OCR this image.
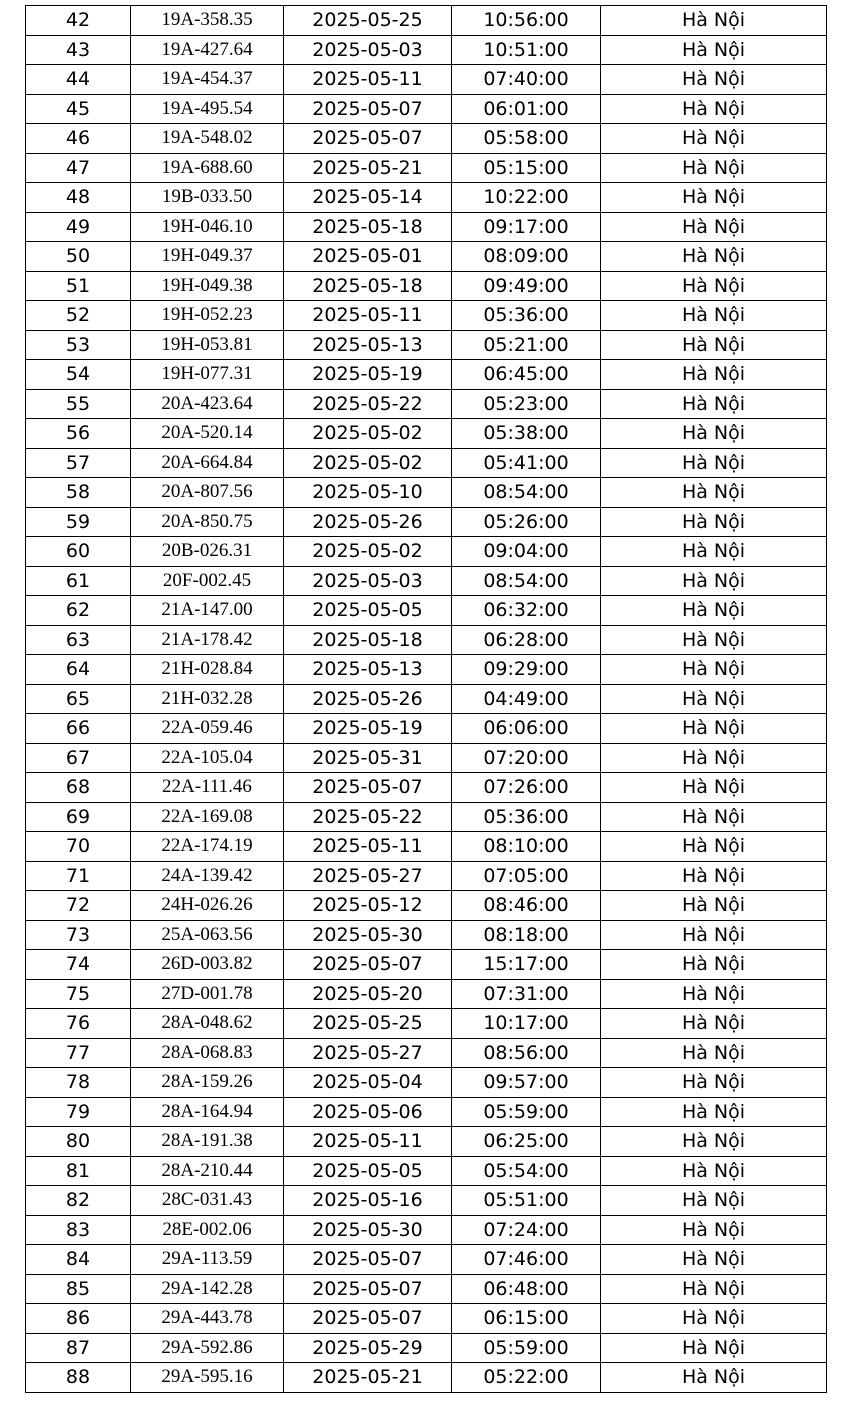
42	19A-358.35	2025-05-25	10:56:00	Hà Nội
43	19A-427.64	2025-05-03	10:51:00	Hà Nội
44	19A-454.37	2025-05-11	07:40:00	Hà Nội
45	19A-495.54	2025-05-07	06:01:00	Hà Nội
46	19A-548.02	2025-05-07	05:58:00	Hà Nội
47	19A-688.60	2025-05-21	05:15:00	Hà Nội
48	19B-033.50	2025-05-14	10:22:00	Hà Nội
49	19H-046.10	2025-05-18	09:17:00	Hà Nội
50	19H-049.37	2025-05-01	08:09:00	Hà Nội
51	19H-049.38	2025-05-18	09:49:00	Hà Nội
52	19H-052.23	2025-05-11	05:36:00	Hà Nội
53	19H-053.81	2025-05-13	05:21:00	Hà Nội
54	19H-077.31	2025-05-19	06:45:00	Hà Nội
55	20A-423.64	2025-05-22	05:23:00	Hà Nội
56	20A-520.14	2025-05-02	05:38:00	Hà Nội
57	20A-664.84	2025-05-02	05:41:00	Hà Nội
58	20A-807.56	2025-05-10	08:54:00	Hà Nội
59	20A-850.75	2025-05-26	05:26:00	Hà Nội
60	20B-026.31	2025-05-02	09:04:00	Hà Nội
61	20F-002.45	2025-05-03	08:54:00	Hà Nội
62	21A-147.00	2025-05-05	06:32:00	Hà Nội
63	21A-178.42	2025-05-18	06:28:00	Hà Nội
64	21H-028.84	2025-05-13	09:29:00	Hà Nội
65	21H-032.28	2025-05-26	04:49:00	Hà Nội
66	22A-059.46	2025-05-19	06:06:00	Hà Nội
67	22A-105.04	2025-05-31	07:20:00	Hà Nội
68	22A-111.46	2025-05-07	07:26:00	Hà Nội
69	22A-169.08	2025-05-22	05:36:00	Hà Nội
70	22A-174.19	2025-05-11	08:10:00	Hà Nội
71	24A-139.42	2025-05-27	07:05:00	Hà Nội
72	24H-026.26	2025-05-12	08:46:00	Hà Nội
73	25A-063.56	2025-05-30	08:18:00	Hà Nội
74	26D-003.82	2025-05-07	15:17:00	Hà Nội
75	27D-001.78	2025-05-20	07:31:00	Hà Nội
76	28A-048.62	2025-05-25	10:17:00	Hà Nội
77	28A-068.83	2025-05-27	08:56:00	Hà Nội
78	28A-159.26	2025-05-04	09:57:00	Hà Nội
79	28A-164.94	2025-05-06	05:59:00	Hà Nội
80	28A-191.38	2025-05-11	06:25:00	Hà Nội
81	28A-210.44	2025-05-05	05:54:00	Hà Nội
82	28C-031.43	2025-05-16	05:51:00	Hà Nội
83	28E-002.06	2025-05-30	07:24:00	Hà Nội
84	29A-113.59	2025-05-07	07:46:00	Hà Nội
85	29A-142.28	2025-05-07	06:48:00	Hà Nội
86	29A-443.78	2025-05-07	06:15:00	Hà Nội
87	29A-592.86	2025-05-29	05:59:00	Hà Nội
88	29A-595.16	2025-05-21	05:22:00	Hà Nội
